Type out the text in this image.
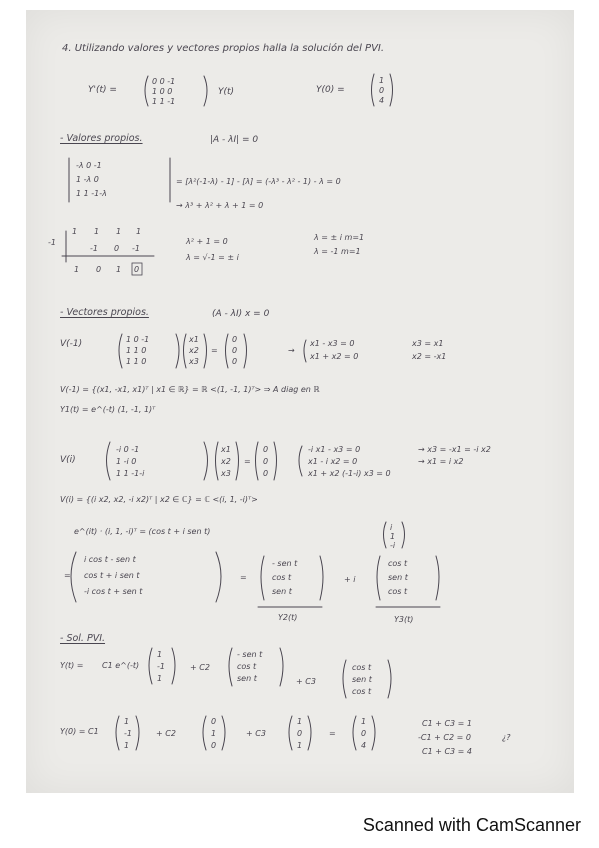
4. Utilizando valores y vectores propios halla la solución del PVI.
Y'(t) =
0 0 -1
1 0 0
1 1 -1
Y(t)	Y(0) =
1
0
4
- Valores propios.	|A - λI| = 0
-λ 0 -1
1 -λ 0
1 1 -1-λ
= [λ²(-1-λ) - 1] - [λ] = (-λ³ - λ² - 1) - λ = 0
→ λ³ + λ² + λ + 1 = 0
-1
1 1 1 1
-1 0 -1
1 0 1 0
λ² + 1 = 0
λ = √-1 = ± i
λ = ± i m=1
λ = -1 m=1
- Vectores propios.	(A - λI) x = 0
V(-1)	1 0 -1
1 1 0
1 1 0
x1
x2
x3
=
0
0
0
→
x1 - x3 = 0
x1 + x2 = 0
x3 = x1
x2 = -x1
V(-1) = {(x1, -x1, x1)ᵀ | x1 ∈ ℝ} = ℝ <(1, -1, 1)ᵀ> ⇒ A diag en ℝ
Y1(t) = e^(-t) (1, -1, 1)ᵀ
V(i)
-i 0 -1
1 -i 0
1 1 -1-i
x1
x2
x3
=
0
0
0
-i x1 - x3 = 0
x1 - i x2 = 0
x1 + x2 (-1-i) x3 = 0
→ x3 = -x1 = -i x2
→ x1 = i x2
V(i) = {(i x2, x2, -i x2)ᵀ | x2 ∈ ℂ} = ℂ <(i, 1, -i)ᵀ>
e^(it) · (i, 1, -i)ᵀ = (cos t + i sen t)	i
1
-i
=
i cos t - sen t
cos t + i sen t
-i cos t + sen t
=
- sen t
cos t
sen t
+ i
cos t
sen t
cos t
Y2(t)	Y3(t)
- Sol. PVI.
Y(t) = C1 e^(-t)
1
-1
1
+ C2
- sen t
cos t
sen t	+ C3
cos t
sen t
cos t
Y(0) = C1
1
-1
1
+ C2
0
1
0
+ C3
1
0
1
=
1
0
4
C1 + C3 = 1
-C1 + C2 = 0
C1 + C3 = 4
¿?
Scanned with CamScanner
